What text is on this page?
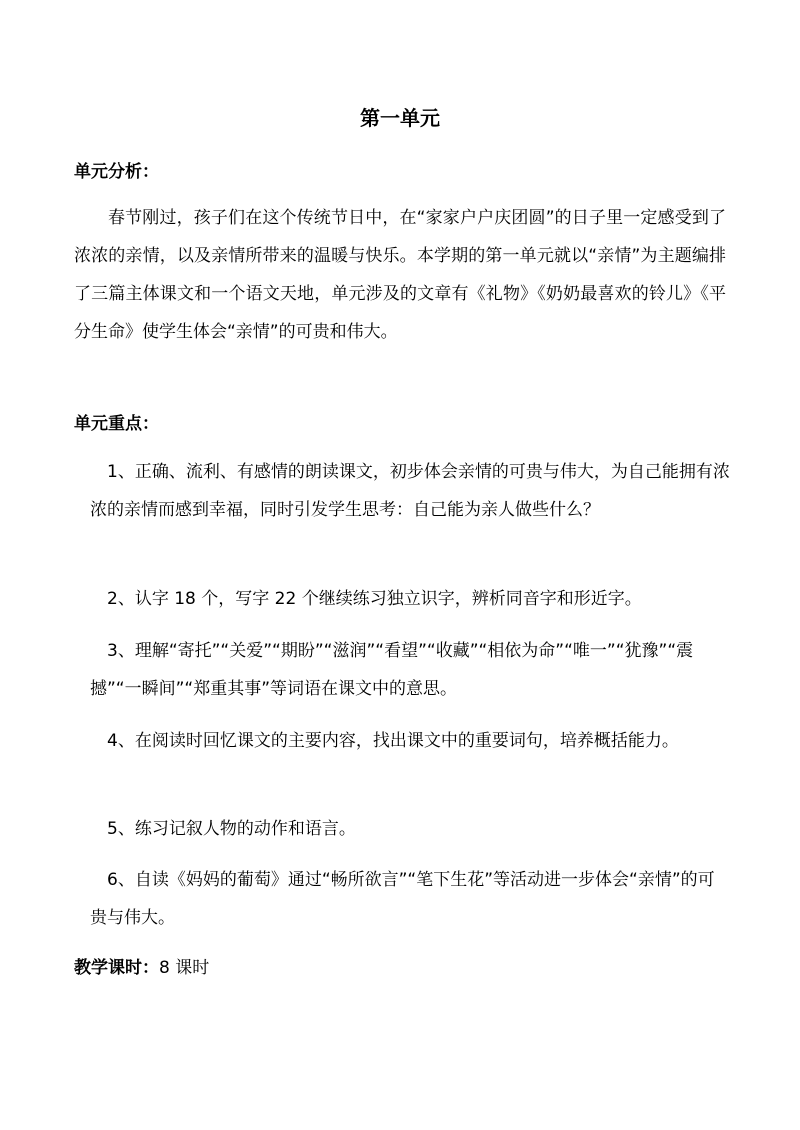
第一单元
单元分析：

春节刚过，孩子们在这个传统节日中，在“家家户户庆团圆”的日子里一定感受到了浓浓的亲情，以及亲情所带来的温暖与快乐。本学期的第一单元就以“亲情”为主题编排了三篇主体课文和一个语文天地，单元涉及的文章有《礼物》《奶奶最喜欢的铃儿》《平分生命》使学生体会“亲情”的可贵和伟大。

单元重点：

1、正确、流利、有感情的朗读课文，初步体会亲情的可贵与伟大，为自己能拥有浓浓的亲情而感到幸福，同时引发学生思考：自己能为亲人做些什么？

2、认字 18 个，写字 22 个继续练习独立识字，辨析同音字和形近字。

3、理解“寄托”“关爱”“期盼”“滋润”“看望”“收藏”“相依为命”“唯一”“犹豫”“震撼”“一瞬间”“郑重其事”等词语在课文中的意思。

4、在阅读时回忆课文的主要内容，找出课文中的重要词句，培养概括能力。

5、练习记叙人物的动作和语言。

6、自读《妈妈的葡萄》通过“畅所欲言”“笔下生花”等活动进一步体会“亲情”的可贵与伟大。

教学课时：8 课时
